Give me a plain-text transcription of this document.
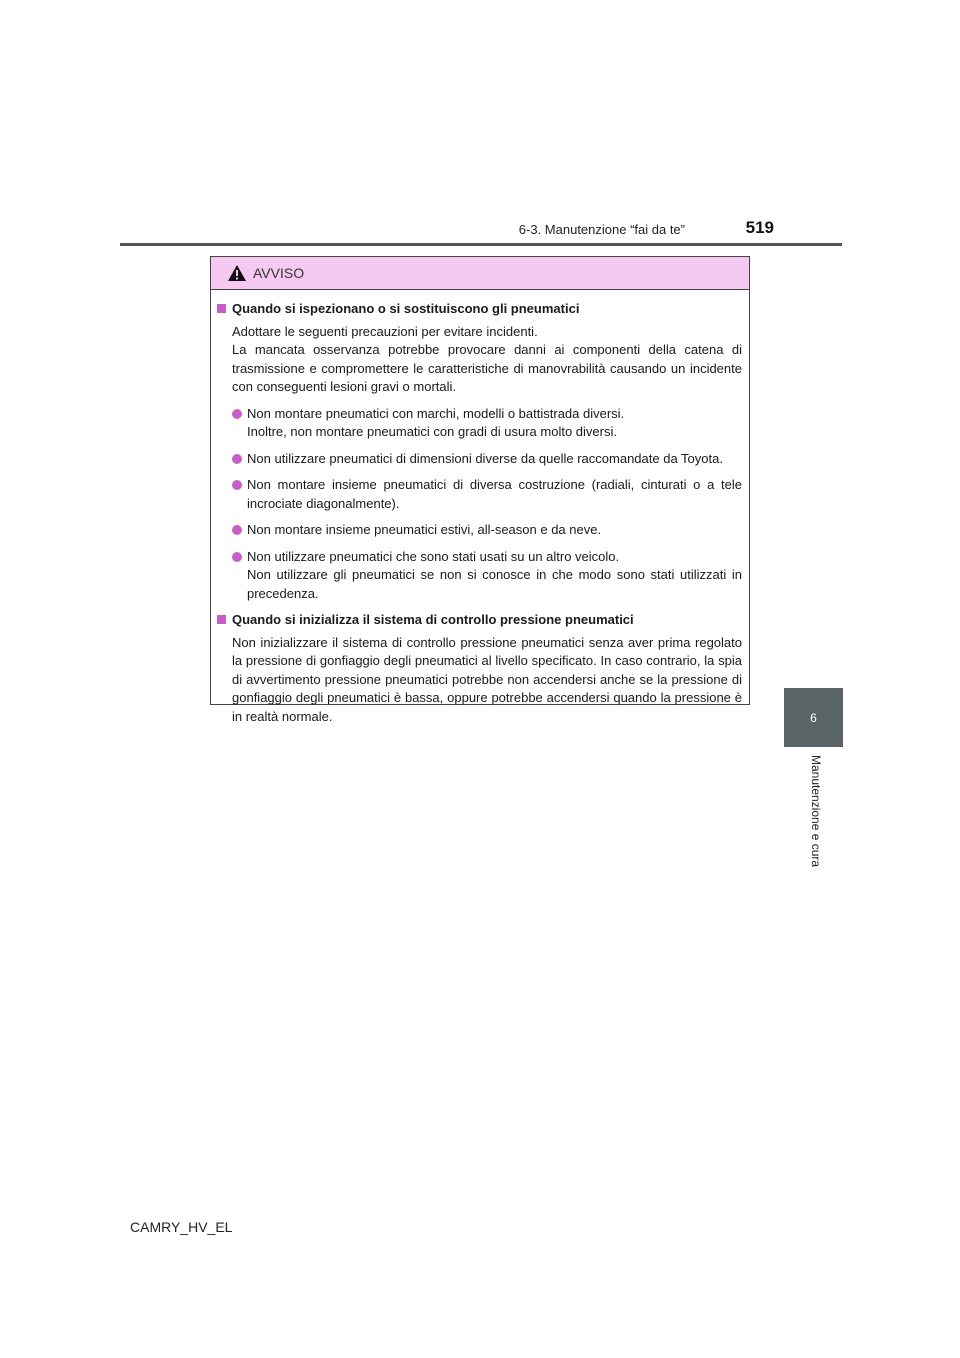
6-3. Manutenzione “fai da te”	519
6
Manutenzione e cura
AVVISO
Quando si ispezionano o si sostituiscono gli pneumatici
Adottare le seguenti precauzioni per evitare incidenti.
La mancata osservanza potrebbe provocare danni ai componenti della catena di trasmissione e compromettere le caratteristiche di manovrabilità causando un incidente con conseguenti lesioni gravi o mortali.
Non montare pneumatici con marchi, modelli o battistrada diversi.
Inoltre, non montare pneumatici con gradi di usura molto diversi.
Non utilizzare pneumatici di dimensioni diverse da quelle raccomandate da Toyota.
Non montare insieme pneumatici di diversa costruzione (radiali, cinturati o a tele incrociate diagonalmente).
Non montare insieme pneumatici estivi, all-season e da neve.
Non utilizzare pneumatici che sono stati usati su un altro veicolo.
Non utilizzare gli pneumatici se non si conosce in che modo sono stati utilizzati in precedenza.
Quando si inizializza il sistema di controllo pressione pneumatici
Non inizializzare il sistema di controllo pressione pneumatici senza aver prima regolato la pressione di gonfiaggio degli pneumatici al livello specificato. In caso contrario, la spia di avvertimento pressione pneumatici potrebbe non accendersi anche se la pressione di gonfiaggio degli pneumatici è bassa, oppure potrebbe accendersi quando la pressione è in realtà normale.
CAMRY_HV_EL
